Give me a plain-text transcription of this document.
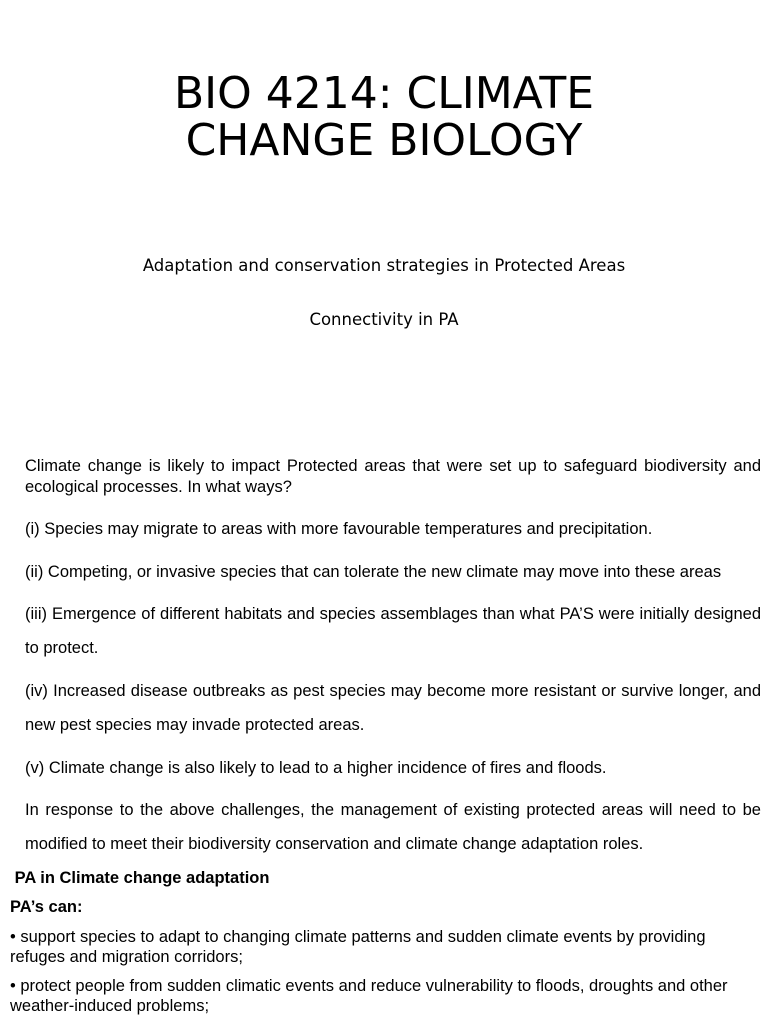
BIO 4214: CLIMATE
CHANGE BIOLOGY

Adaptation and conservation strategies in Protected Areas

Connectivity in PA

Climate change is likely to impact Protected areas that were set up to safeguard biodiversity and ecological processes. In what ways?

(i) Species may migrate to areas with more favourable temperatures and precipitation.

(ii) Competing, or invasive species that can tolerate the new climate may move into these areas

(iii) Emergence of different habitats and species assemblages than what PA’S were initially designed to protect.

(iv) Increased disease outbreaks as pest species may become more resistant or survive longer, and new pest species may invade protected areas.

(v) Climate change is also likely to lead to a higher incidence of fires and floods.

In response to the above challenges, the management of existing protected areas will need to be modified to meet their biodiversity conservation and climate change adaptation roles.

PA in Climate change adaptation

PA’s can:

• support species to adapt to changing climate patterns and sudden climate events by providing refuges and migration corridors;

• protect people from sudden climatic events and reduce vulnerability to floods, droughts and other weather-induced problems;
